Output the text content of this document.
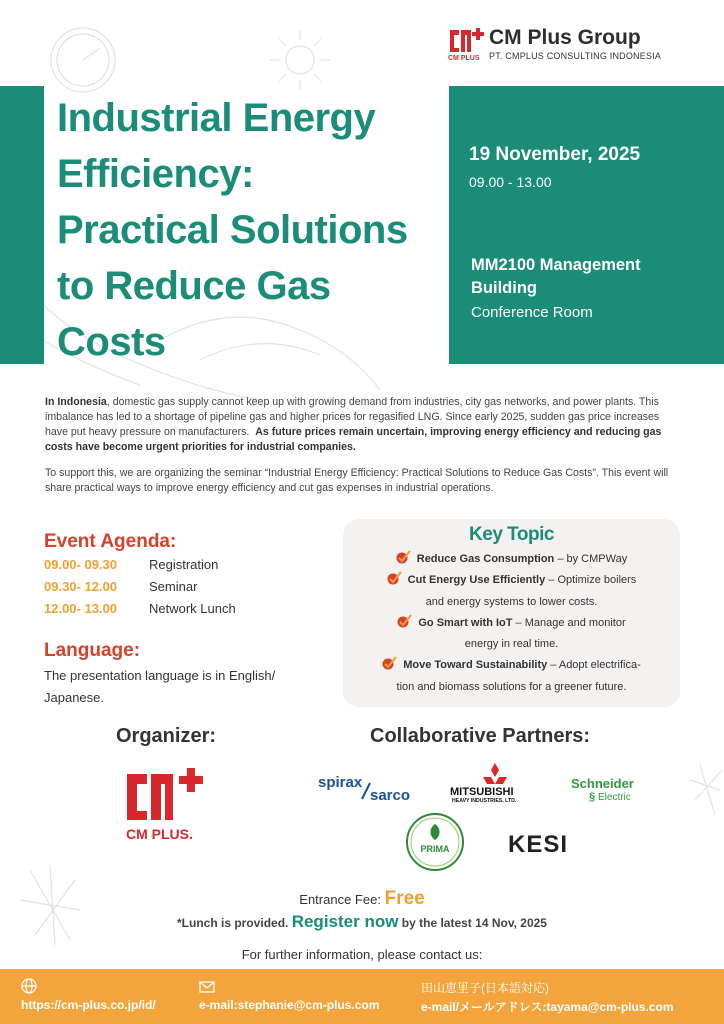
CM PLUS
CM Plus Group
PT. CMPLUS CONSULTING INDONESIA
Industrial Energy
Efficiency:
Practical Solutions
to Reduce Gas
Costs
19 November, 2025
09.00 - 13.00
MM2100 Management Building
Conference Room

In Indonesia, domestic gas supply cannot keep up with growing demand from industries, city gas networks, and power plants. This imbalance has led to a shortage of pipeline gas and higher prices for regasified LNG. Since early 2025, sudden gas price increases have put heavy pressure on manufacturers. As future prices remain uncertain, improving energy efficiency and reducing gas costs have become urgent priorities for industrial companies.

To support this, we are organizing the seminar “Industrial Energy Efficiency: Practical Solutions to Reduce Gas Costs”. This event will share practical ways to improve energy efficiency and cut gas expenses in industrial operations.

Event Agenda:
09.00- 09.30	Registration
09.30- 12.00	Seminar
12.00- 13.00	Network Lunch
Language:
The presentation language is in English/ Japanese.
Key Topic
Reduce Gas Consumption – by CMPWay
Cut Energy Use Efficiently – Optimize boilers
and energy systems to lower costs.
Go Smart with IoT – Manage and monitor
energy in real time.
Move Toward Sustainability – Adopt electrifica-
tion and biomass solutions for a greener future.
Organizer:
CM PLUS.
Collaborative Partners:
spirax
sarco	MITSUBISHI
HEAVY INDUSTRIES, LTD.
Schneider
Electric
§
PRIMA KESI
Entrance Fee: Free
*Lunch is provided. Register now by the latest 14 Nov, 2025
For further information, please contact us:
https://cm-plus.co.jp/id/	e-mail:stephanie@cm-plus.com
田山恵里子(日本語対応)
e-mail/メールアドレス:tayama@cm-plus.com
